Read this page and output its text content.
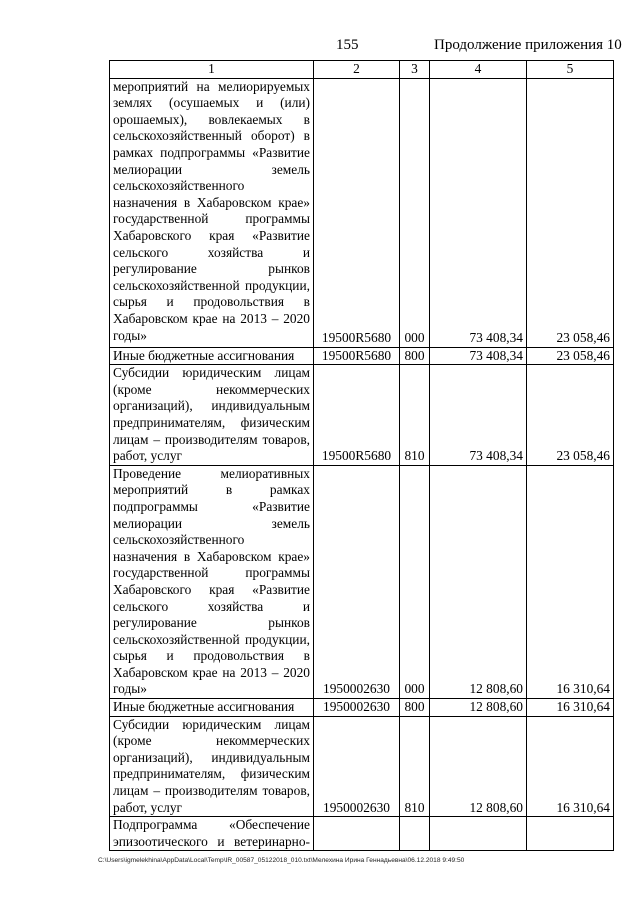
155	Продолжение приложения 10
1	2	3	4	5
мероприятий на мелиорируемых землях (осушаемых и (или) орошаемых), вовлекаемых в сельскохозяйственный оборот) в рамках подпрограммы «Развитие мелиорации земель сельскохозяйственного назначения в Хабаровском крае» государственной программы Хабаровского края «Развитие сельского хозяйства и регулирование рынков сельскохозяйственной продукции, сырья и продовольствия в Хабаровском крае на 2013 – 2020 годы»	19500R5680	000	73 408,34	23 058,46
Иные бюджетные ассигнования	19500R5680	800	73 408,34	23 058,46
Субсидии юридическим лицам (кроме некоммерческих организаций), индивидуальным предпринимателям, физическим лицам – производителям товаров, работ, услуг	19500R5680	810	73 408,34	23 058,46
Проведение мелиоративных мероприятий в рамках подпрограммы «Развитие мелиорации земель сельскохозяйственного назначения в Хабаровском крае» государственной программы Хабаровского края «Развитие сельского хозяйства и регулирование рынков сельскохозяйственной продукции, сырья и продовольствия в Хабаровском крае на 2013 – 2020 годы»	1950002630	000	12 808,60	16 310,64
Иные бюджетные ассигнования	1950002630	800	12 808,60	16 310,64
Субсидии юридическим лицам (кроме некоммерческих организаций), индивидуальным предпринимателям, физическим лицам – производителям товаров, работ, услуг	1950002630	810	12 808,60	16 310,64
Подпрограмма «Обеспечение эпизоотического и ветеринарно-				
C:\Users\igmelekhina\AppData\Local\Temp\IR_00587_05122018_010.txt\Мелехина Ирина Геннадьевна\06.12.2018 9:49:50
